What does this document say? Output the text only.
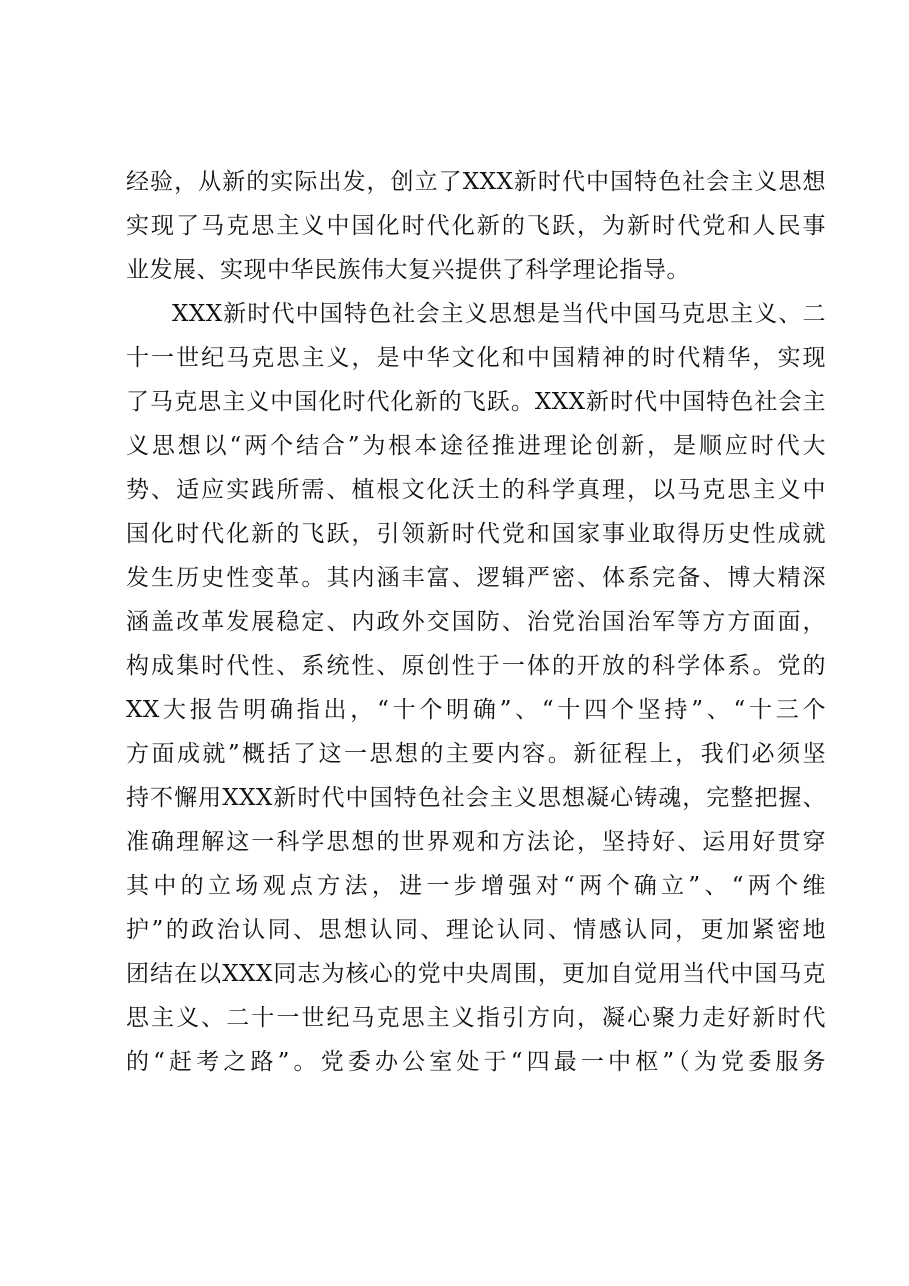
经验，从新的实际出发，创立了XXX新时代中国特色社会主义思想
实现了马克思主义中国化时代化新的飞跃，为新时代党和人民事
业发展、实现中华民族伟大复兴提供了科学理论指导。
XXX新时代中国特色社会主义思想是当代中国马克思主义、二
十一世纪马克思主义，是中华文化和中国精神的时代精华，实现
了马克思主义中国化时代化新的飞跃。XXX新时代中国特色社会主
义思想以“两个结合”为根本途径推进理论创新，是顺应时代大
势、适应实践所需、植根文化沃土的科学真理，以马克思主义中
国化时代化新的飞跃，引领新时代党和国家事业取得历史性成就
发生历史性变革。其内涵丰富、逻辑严密、体系完备、博大精深
涵盖改革发展稳定、内政外交国防、治党治国治军等方方面面，
构成集时代性、系统性、原创性于一体的开放的科学体系。党的
XX大报告明确指出，“十个明确”、“十四个坚持”、“十三个
方面成就”概括了这一思想的主要内容。新征程上，我们必须坚
持不懈用XXX新时代中国特色社会主义思想凝心铸魂，完整把握、
准确理解这一科学思想的世界观和方法论，坚持好、运用好贯穿
其中的立场观点方法，进一步增强对“两个确立”、“两个维
护”的政治认同、思想认同、理论认同、情感认同，更加紧密地
团结在以XXX同志为核心的党中央周围，更加自觉用当代中国马克
思主义、二十一世纪马克思主义指引方向，凝心聚力走好新时代
的“赶考之路”。党委办公室处于“四最一中枢”（为党委服务
